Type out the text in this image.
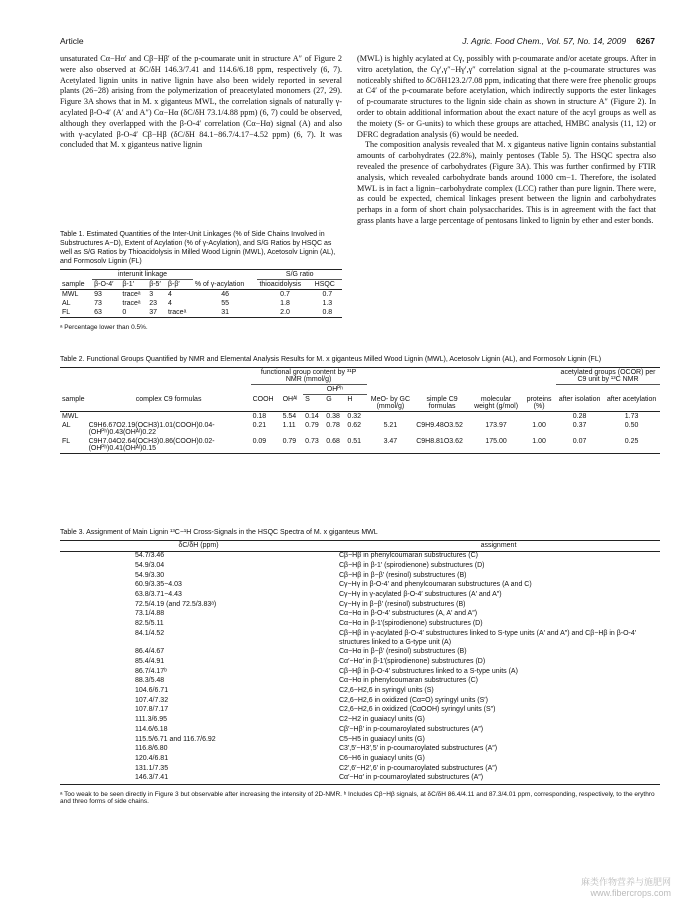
Article	J. Agric. Food Chem., Vol. 57, No. 14, 2009 6267

unsaturated Cα−Hα′ and Cβ−Hβ′ of the p-coumarate unit in structure A″ of Figure 2 were also observed at δC/δH 146.3/7.41 and 114.6/6.18 ppm, respectively (6, 7). Acetylated lignin units in native lignin have also been widely reported in several plants (26−28) arising from the polymerization of preacetylated monomers (27, 29). Figure 3A shows that in M. x giganteus MWL, the correlation signals of naturally γ-acylated β-O-4′ (A′ and A″) Cα−Hα (δC/δH 73.1/4.88 ppm) (6, 7) could be observed, although they overlapped with the β-O-4′ correlation (Cα−Hα) signal (A) and also with γ-acylated β-O-4′ Cβ−Hβ (δC/δH 84.1−86.7/4.17−4.52 ppm) (6, 7). It was concluded that M. x giganteus native lignin

(MWL) is highly acylated at Cγ, possibly with p-coumarate and/or acetate groups. After in vitro acetylation, the Cγ′,γ″−Hγ′,γ″ correlation signal at the p-coumarate structures was noticeably shifted to δC/δH123.2/7.08 ppm, indicating that there were free phenolic groups at C4′ of the p-coumarate before acetylation, which indirectly supports the ester linkages of p-coumarate structures to the lignin side chain as shown in structure A″ (Figure 2). In order to obtain additional information about the exact nature of the acyl groups as well as the moiety (S- or G-units) to which these groups are attached, HMBC analysis (11, 12) or DFRC degradation analysis (6) would be needed.

The composition analysis revealed that M. x giganteus native lignin contains substantial amounts of carbohydrates (22.8%), mainly pentoses (Table 5). The HSQC spectra also revealed the presence of carbohydrates (Figure 3A). This was further confirmed by FTIR analysis, which revealed carbohydrate bands around 1000 cm−1. Therefore, the isolated MWL is in fact a lignin−carbohydrate complex (LCC) rather than pure lignin. There were, as could be expected, chemical linkages present between the lignin and carbohydrates perhaps in a form of short chain polysaccharides. This is in agreement with the fact that grass plants have a large percentage of pentosans linked to lignin by ether and ester bonds.

Table 1. Estimated Quantities of the Inter-Unit Linkages (% of Side Chains Involved in Substructures A−D), Extent of Acylation (% of γ-Acylation), and S/G Ratios by HSQC as well as S/G Ratios by Thioacidolysis in Milled Wood Lignin (MWL), Acetosolv Lignin (AL), and Formosolv Lignin (FL)
	interunit linkage					S/G ratio	
sample	β-O-4′	β-1′	β-5′	β-β′	% of γ-acylation	thioacidolysis	HSQC
MWL	93	traceᵃ	3	4	46	0.7	0.7
AL	73	traceᵃ	23	4	55	1.8	1.3
FL	63	0	37	traceᵃ	31	2.0	0.8
ᵃ Percentage lower than 0.5%.
Table 2. Functional Groups Quantified by NMR and Elemental Analysis Results for M. x giganteus Milled Wood Lignin (MWL), Acetosolv Lignin (AL), and Formosolv Lignin (FL)
		functional group content by ³¹P NMR (mmol/g)									acetylated groups (OCOR) per C9 unit by ¹³C NMR	
				OHᴾʰ								
sample	complex C9 formulas	COOH	OHᴬˡ	S	G	H	MeO- by GC (mmol/g)	simple C9 formulas	molecular weight (g/mol)	proteins (%)	after isolation	after acetylation
MWL		0.18	5.54	0.14	0.38	0.32					0.28	1.73
AL	C9H6.67O2.19(OCH3)1.01(COOH)0.04-(OHᴾʰ)0.43(OHᴬˡ)0.22	0.21	1.11	0.79	0.78	0.62	5.21	C9H9.48O3.52	173.97	1.00	0.37	0.50
FL	C9H7.04O2.64(OCH3)0.86(COOH)0.02-(OHᴾʰ)0.41(OHᴬˡ)0.15	0.09	0.79	0.73	0.68	0.51	3.47	C9H8.81O3.62	175.00	1.00	0.07	0.25
Table 3. Assignment of Main Lignin ¹³C−¹H Cross-Signals in the HSQC Spectra of M. x giganteus MWL
δC/δH (ppm)	assignment
54.7/3.46	Cβ−Hβ in phenylcoumaran substructures (C)
54.9/3.04	Cβ−Hβ in β-1′ (spirodienone) substructures (D)
54.9/3.30	Cβ−Hβ in β−β′ (resinol) substructures (B)
60.9/3.35−4.03	Cγ−Hγ in β-O-4′ and phenylcoumaran substructures (A and C)
63.8/3.71−4.43	Cγ−Hγ in γ-acylated β-O-4′ substructures (A′ and A″)
72.5/4.19 (and 72.5/3.83ᵃ)	Cγ−Hγ in β−β′ (resinol) substructures (B)
73.1/4.88	Cα−Hα in β-O-4′ substructures (A, A′ and A″)
82.5/5.11	Cα−Hα in β-1′(spirodienone) substructures (D)
84.1/4.52	Cβ−Hβ in γ-acylated β-O-4′ substructures linked to S-type units (A′ and A″) and Cβ−Hβ in β-O-4′ structures linked to a G-type unit (A)
86.4/4.67	Cα−Hα in β−β′ (resinol) substructures (B)
85.4/4.91	Cα′−Hα′ in β-1′(spirodienone) substructures (D)
86.7/4.17ᵇ	Cβ−Hβ in β-O-4′ substructures linked to a S-type units (A)
88.3/5.48	Cα−Hα in phenylcoumaran substructures (C)
104.6/6.71	C2,6−H2,6 in syringyl units (S)
107.4/7.32	C2,6−H2,6 in oxidized (Cα=O) syringyl units (S′)
107.8/7.17	C2,6−H2,6 in oxidized (CαOOH) syringyl units (S″)
111.3/6.95	C2−H2 in guaiacyl units (G)
114.6/6.18	Cβ′−Hβ′ in p-coumaroylated substructures (A″)
115.5/6.71 and 116.7/6.92	C5−H5 in guaiacyl units (G)
116.8/6.80	C3′,5′−H3′,5′ in p-coumaroylated substructures (A″)
120.4/6.81	C6−H6 in guaiacyl units (G)
131.1/7.35	C2′,6′−H2′,6′ in p-coumaroylated substructures (A″)
146.3/7.41	Cα′−Hα′ in p-coumaroylated substructures (A″)
ᵃ Too weak to be seen directly in Figure 3 but observable after increasing the intensity of 2D-NMR. ᵇ Includes Cβ−Hβ signals, at δC/δH 86.4/4.11 and 87.3/4.01 ppm, corresponding, respectively, to the erythro and threo forms of side chains.
麻类作物营养与施肥网
www.fibercrops.com
